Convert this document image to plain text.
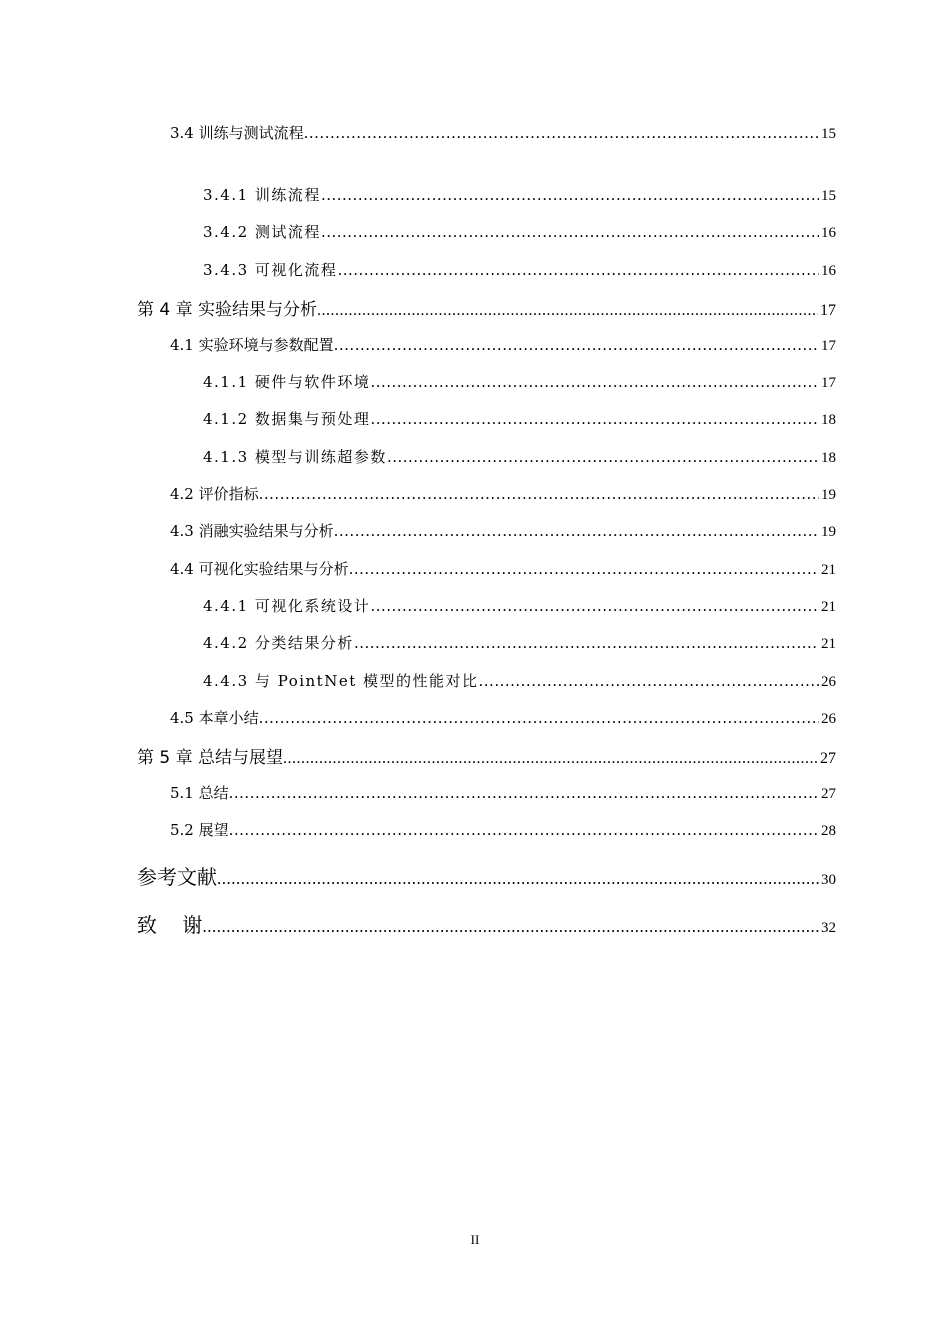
3.4 训练与测试流程 .....	15
3.4.1 训练流程 .....	15
3.4.2 测试流程 .....	16
3.4.3 可视化流程 .....	16
第 4 章 实验结果与分析 .....	17
4.1 实验环境与参数配置 .....	17
4.1.1 硬件与软件环境 .....	17
4.1.2 数据集与预处理 .....	18
4.1.3 模型与训练超参数 .....	18
4.2 评价指标 .....	19
4.3 消融实验结果与分析 .....	19
4.4 可视化实验结果与分析 .....	21
4.4.1 可视化系统设计 .....	21
4.4.2 分类结果分析 .....	21
4.4.3 与 PointNet 模型的性能对比 .....	26
4.5 本章小结 .....	26
第 5 章 总结与展望 .....	27
5.1 总结 .....	27
5.2 展望 .....	28
参考文献 .....	30
致    谢 .....	32
II
